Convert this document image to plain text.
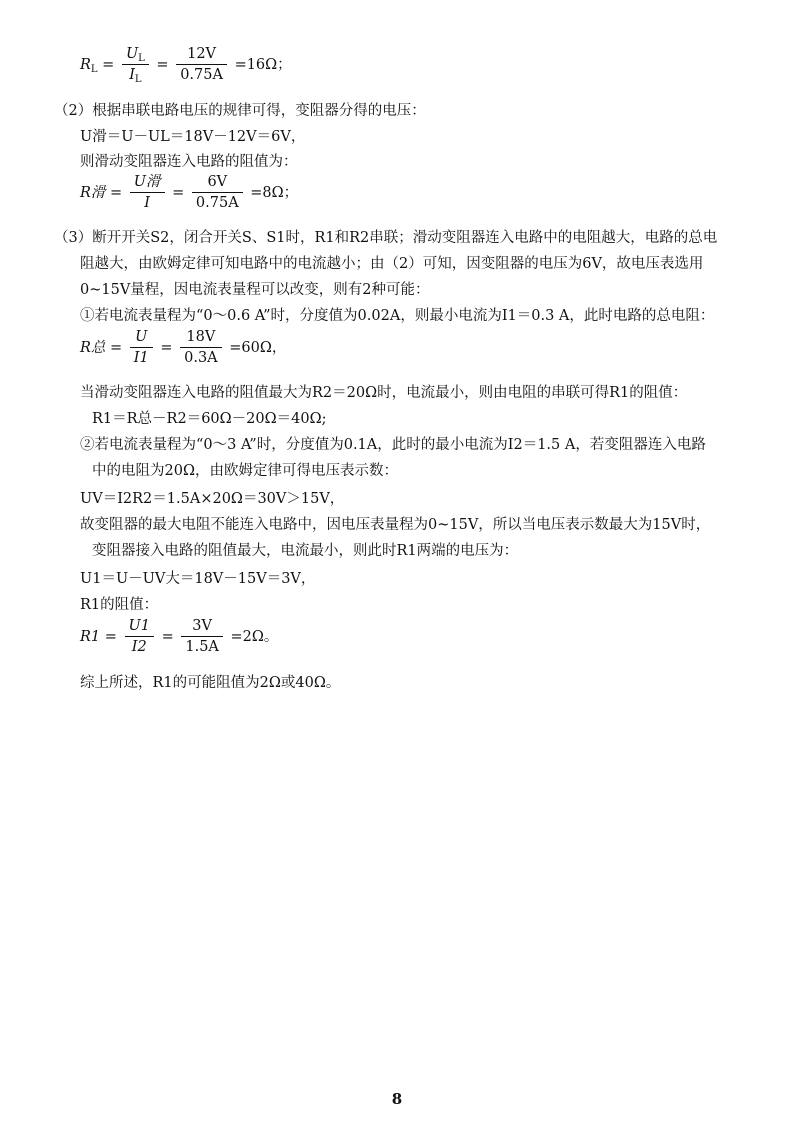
$R_L = \frac{U_L}{I_L} = \frac{12V}{0.75A} =16\Omega$；
（2）根据串联电路电压的规律可得，变阻器分得的电压：
U滑＝U－UL＝18V－12V＝6V，
则滑动变阻器连入电路的阻值为：
R滑 = $\frac{\text{U滑}}{I} = \frac{6V}{0.75A} =8\Omega$；
（3）断开开关S2，闭合开关S、S1时，R1和R2串联；滑动变阻器连入电路中的电阻越大，电路的总电
阻越大，由欧姆定律可知电路中的电流越小；由（2）可知，因变阻器的电压为6V，故电压表选用
0~15V量程，因电流表量程可以改变，则有2种可能：
①若电流表量程为“0～0.6 A”时，分度值为0.02A，则最小电流为I1＝0.3 A，此时电路的总电阻：
R总 = $\frac{U}{I1} = \frac{18V}{0.3A} =60\Omega$，
当滑动变阻器连入电路的阻值最大为R2＝20Ω时，电流最小，则由电阻的串联可得R1的阻值：
R1＝R总－R2＝60Ω－20Ω＝40Ω;
②若电流表量程为“0～3 A”时，分度值为0.1A，此时的最小电流为I2＝1.5 A，若变阻器连入电路
中的电阻为20Ω，由欧姆定律可得电压表示数：
UV＝I2R2＝1.5A×20Ω＝30V＞15V，
故变阻器的最大电阻不能连入电路中，因电压表量程为0~15V，所以当电压表示数最大为15V时，
变阻器接入电路的阻值最大，电流最小，则此时R1两端的电压为：
U1＝U－UV大＝18V－15V＝3V，
R1的阻值：
$R1 = \frac{U1}{I2} = \frac{3V}{1.5A} =2\Omega$。
综上所述，R1的可能阻值为2Ω或40Ω。
8
